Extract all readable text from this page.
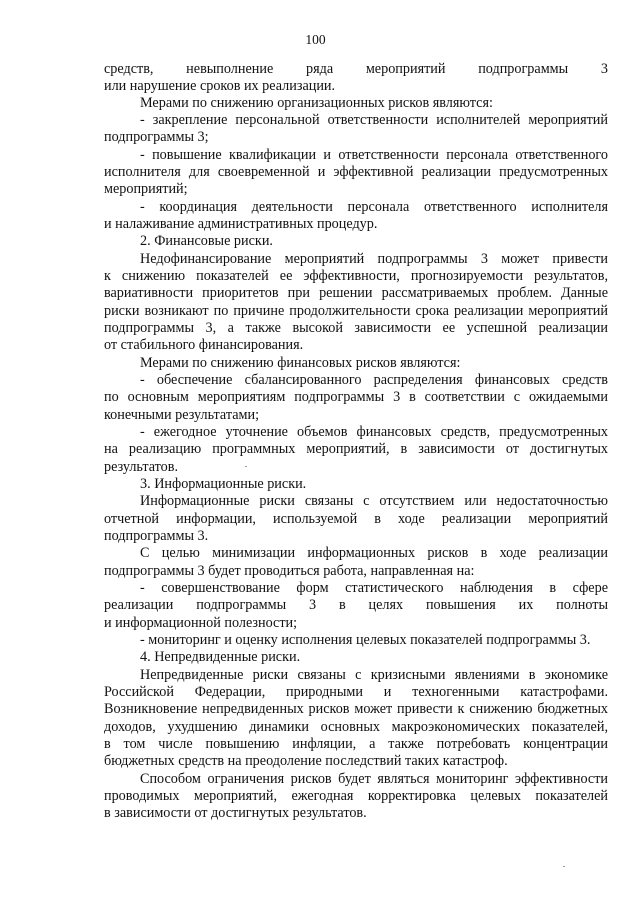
100

средств, невыполнение ряда мероприятий подпрограммы 3

или нарушение сроков их реализации.

Мерами по снижению организационных рисков являются:

- закрепление персональной ответственности исполнителей мероприятий

подпрограммы 3;

- повышение квалификации и ответственности персонала ответственного

исполнителя для своевременной и эффективной реализации предусмотренных

мероприятий;

- координация деятельности персонала ответственного исполнителя

и налаживание административных процедур.

2. Финансовые риски.

Недофинансирование мероприятий подпрограммы 3 может привести

к снижению показателей ее эффективности, прогнозируемости результатов,

вариативности приоритетов при решении рассматриваемых проблем. Данные

риски возникают по причине продолжительности срока реализации мероприятий

подпрограммы 3, а также высокой зависимости ее успешной реализации

от стабильного финансирования.

Мерами по снижению финансовых рисков являются:

- обеспечение сбалансированного распределения финансовых средств

по основным мероприятиям подпрограммы 3 в соответствии с ожидаемыми

конечными результатами;

- ежегодное уточнение объемов финансовых средств, предусмотренных

на реализацию программных мероприятий, в зависимости от достигнутых

результатов.

3. Информационные риски.

Информационные риски связаны с отсутствием или недостаточностью

отчетной информации, используемой в ходе реализации мероприятий

подпрограммы 3.

С целью минимизации информационных рисков в ходе реализации

подпрограммы 3 будет проводиться работа, направленная на:

- совершенствование форм статистического наблюдения в сфере

реализации подпрограммы 3 в целях повышения их полноты

и информационной полезности;

- мониторинг и оценку исполнения целевых показателей подпрограммы 3.

4. Непредвиденные риски.

Непредвиденные риски связаны с кризисными явлениями в экономике

Российской Федерации, природными и техногенными катастрофами.

Возникновение непредвиденных рисков может привести к снижению бюджетных

доходов, ухудшению динамики основных макроэкономических показателей,

в том числе повышению инфляции, а также потребовать концентрации

бюджетных средств на преодоление последствий таких катастроф.

Способом ограничения рисков будет являться мониторинг эффективности

проводимых мероприятий, ежегодная корректировка целевых показателей

в зависимости от достигнутых результатов.
